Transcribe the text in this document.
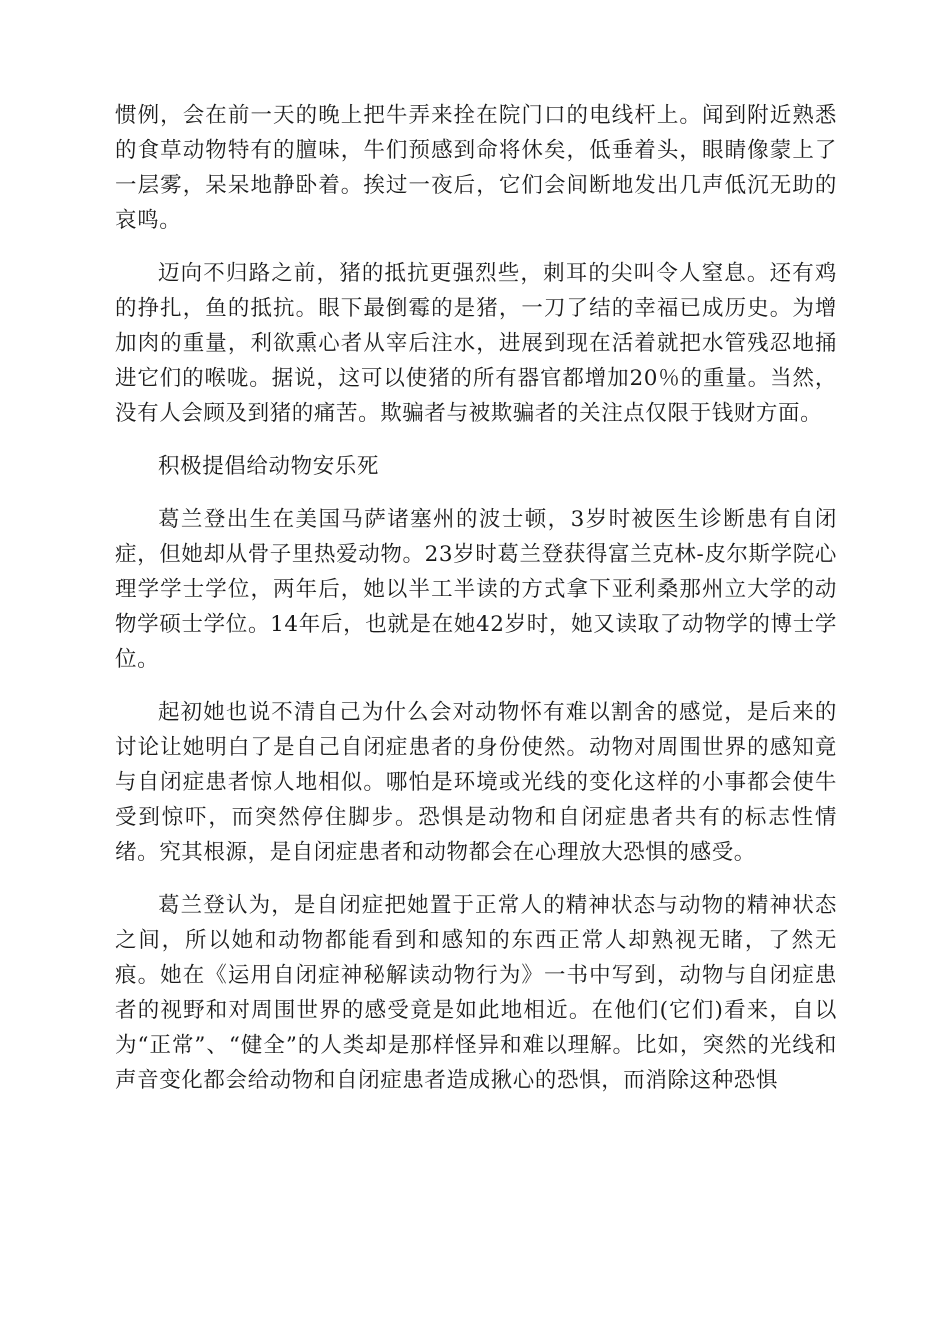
惯例，会在前一天的晚上把牛弄来拴在院门口的电线杆上。闻到附近熟悉的食草动物特有的膻味，牛们预感到命将休矣，低垂着头，眼睛像蒙上了一层雾，呆呆地静卧着。挨过一夜后，它们会间断地发出几声低沉无助的哀鸣。

迈向不归路之前，猪的抵抗更强烈些，刺耳的尖叫令人窒息。还有鸡的挣扎，鱼的抵抗。眼下最倒霉的是猪，一刀了结的幸福已成历史。为增加肉的重量，利欲熏心者从宰后注水，进展到现在活着就把水管残忍地捅进它们的喉咙。据说，这可以使猪的所有器官都增加20％的重量。当然，没有人会顾及到猪的痛苦。欺骗者与被欺骗者的关注点仅限于钱财方面。

积极提倡给动物安乐死

葛兰登出生在美国马萨诸塞州的波士顿，3岁时被医生诊断患有自闭症，但她却从骨子里热爱动物。23岁时葛兰登获得富兰克林-皮尔斯学院心理学学士学位，两年后，她以半工半读的方式拿下亚利桑那州立大学的动物学硕士学位。14年后，也就是在她42岁时，她又读取了动物学的博士学位。

起初她也说不清自己为什么会对动物怀有难以割舍的感觉，是后来的讨论让她明白了是自己自闭症患者的身份使然。动物对周围世界的感知竟与自闭症患者惊人地相似。哪怕是环境或光线的变化这样的小事都会使牛受到惊吓，而突然停住脚步。恐惧是动物和自闭症患者共有的标志性情绪。究其根源，是自闭症患者和动物都会在心理放大恐惧的感受。

葛兰登认为，是自闭症把她置于正常人的精神状态与动物的精神状态之间，所以她和动物都能看到和感知的东西正常人却熟视无睹，了然无痕。她在《运用自闭症神秘解读动物行为》一书中写到，动物与自闭症患者的视野和对周围世界的感受竟是如此地相近。在他们(它们)看来，自以为“正常”、“健全”的人类却是那样怪异和难以理解。比如，突然的光线和声音变化都会给动物和自闭症患者造成揪心的恐惧，而消除这种恐惧
